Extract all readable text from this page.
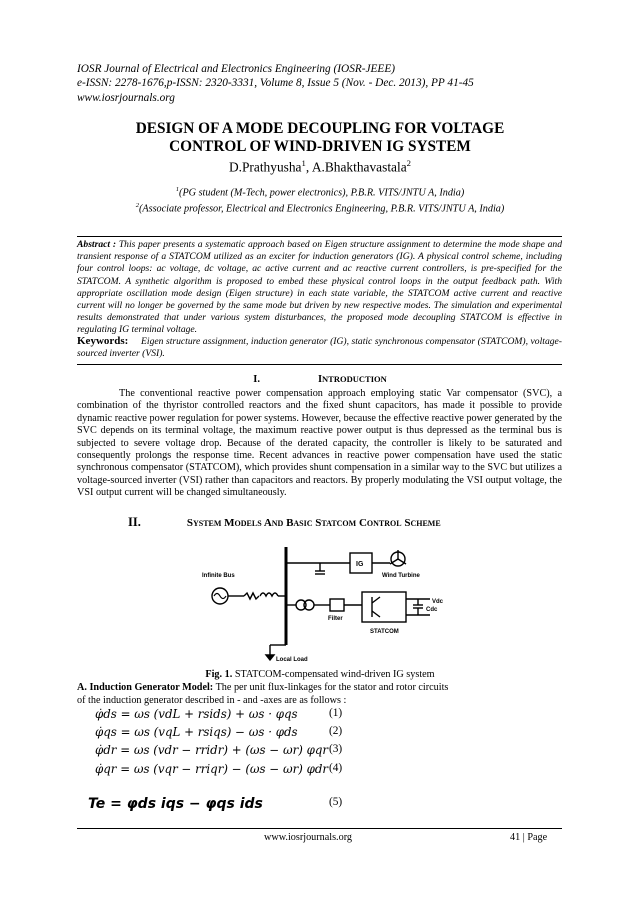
IOSR Journal of Electrical and Electronics Engineering (IOSR-JEEE)
e-ISSN: 2278-1676,p-ISSN: 2320-3331, Volume 8, Issue 5 (Nov. - Dec. 2013), PP 41-45
www.iosrjournals.org
DESIGN OF A MODE DECOUPLING FOR VOLTAGE
CONTROL OF WIND-DRIVEN IG SYSTEM
D.Prathyusha$^1$, A.Bhakthavastala$^2$
$^1$(PG student (M-Tech, power electronics), P.B.R. VITS/JNTU A, India)
$^2$(Associate professor, Electrical and Electronics Engineering, P.B.R. VITS/JNTU A, India)
Abstract : This paper presents a systematic approach based on Eigen structure assignment to determine the mode shape and transient response of a STATCOM utilized as an exciter for induction generators (IG). A physical control scheme, including four control loops: ac voltage, dc voltage, ac active current and ac reactive current controllers, is pre-specified for the STATCOM. A synthetic algorithm is proposed to embed these physical control loops in the output feedback path. With appropriate oscillation mode design (Eigen structure) in each state variable, the STATCOM active current and reactive current will no longer be governed by the same mode but driven by new respective modes. The simulation and experimental results demonstrated that under various system disturbances, the proposed mode decoupling STATCOM is effective in regulating IG terminal voltage.
Keywords: Eigen structure assignment, induction generator (IG), static synchronous compensator (STATCOM), voltage- sourced inverter (VSI).
I.	INTRODUCTION
The conventional reactive power compensation approach employing static Var compensator (SVC), a combination of the thyristor controlled reactors and the fixed shunt capacitors, has made it possible to provide dynamic reactive power regulation for power systems. However, because the effective reactive power generated by the SVC depends on its terminal voltage, the maximum reactive power output is thus depressed as the terminal bus is subjected to severe voltage drop. Because of the derated capacity, the controller is likely to be saturated and consequently prolongs the response time. Recent advances in reactive power compensation have used the static synchronous compensator (STATCOM), which provides shunt compensation in a similar way to the SVC but utilizes a voltage-sourced inverter (VSI) rather than capacitors and reactors. By properly modulating the VSI output voltage, the VSI output current will be changed simultaneously.
II.	System Models And Basic Statcom Control Scheme
Infinite Bus	Wind Turbine
IG
STATCOM
Filter
Local Load
Vdc
Cdc
Fig. 1. STATCOM-compensated wind-driven IG system
A. Induction Generator Model: The per unit flux-linkages for the stator and rotor circuits
of the induction generator described in - and -axes are as follows :
φ̇ds = ωs (vdL + rsids) + ωs · φqs	(1)
φ̇qs = ωs (vqL + rsiqs) − ωs · φds	(2)
φ̇dr = ωs (vdr − rridr) + (ωs − ωr) φqr (3)
φ̇qr = ωs (vqr − rriqr) − (ωs − ωr) φdr (4)
Te = φds iqs − φqs ids	(5)
www.iosrjournals.org	41 | Page
